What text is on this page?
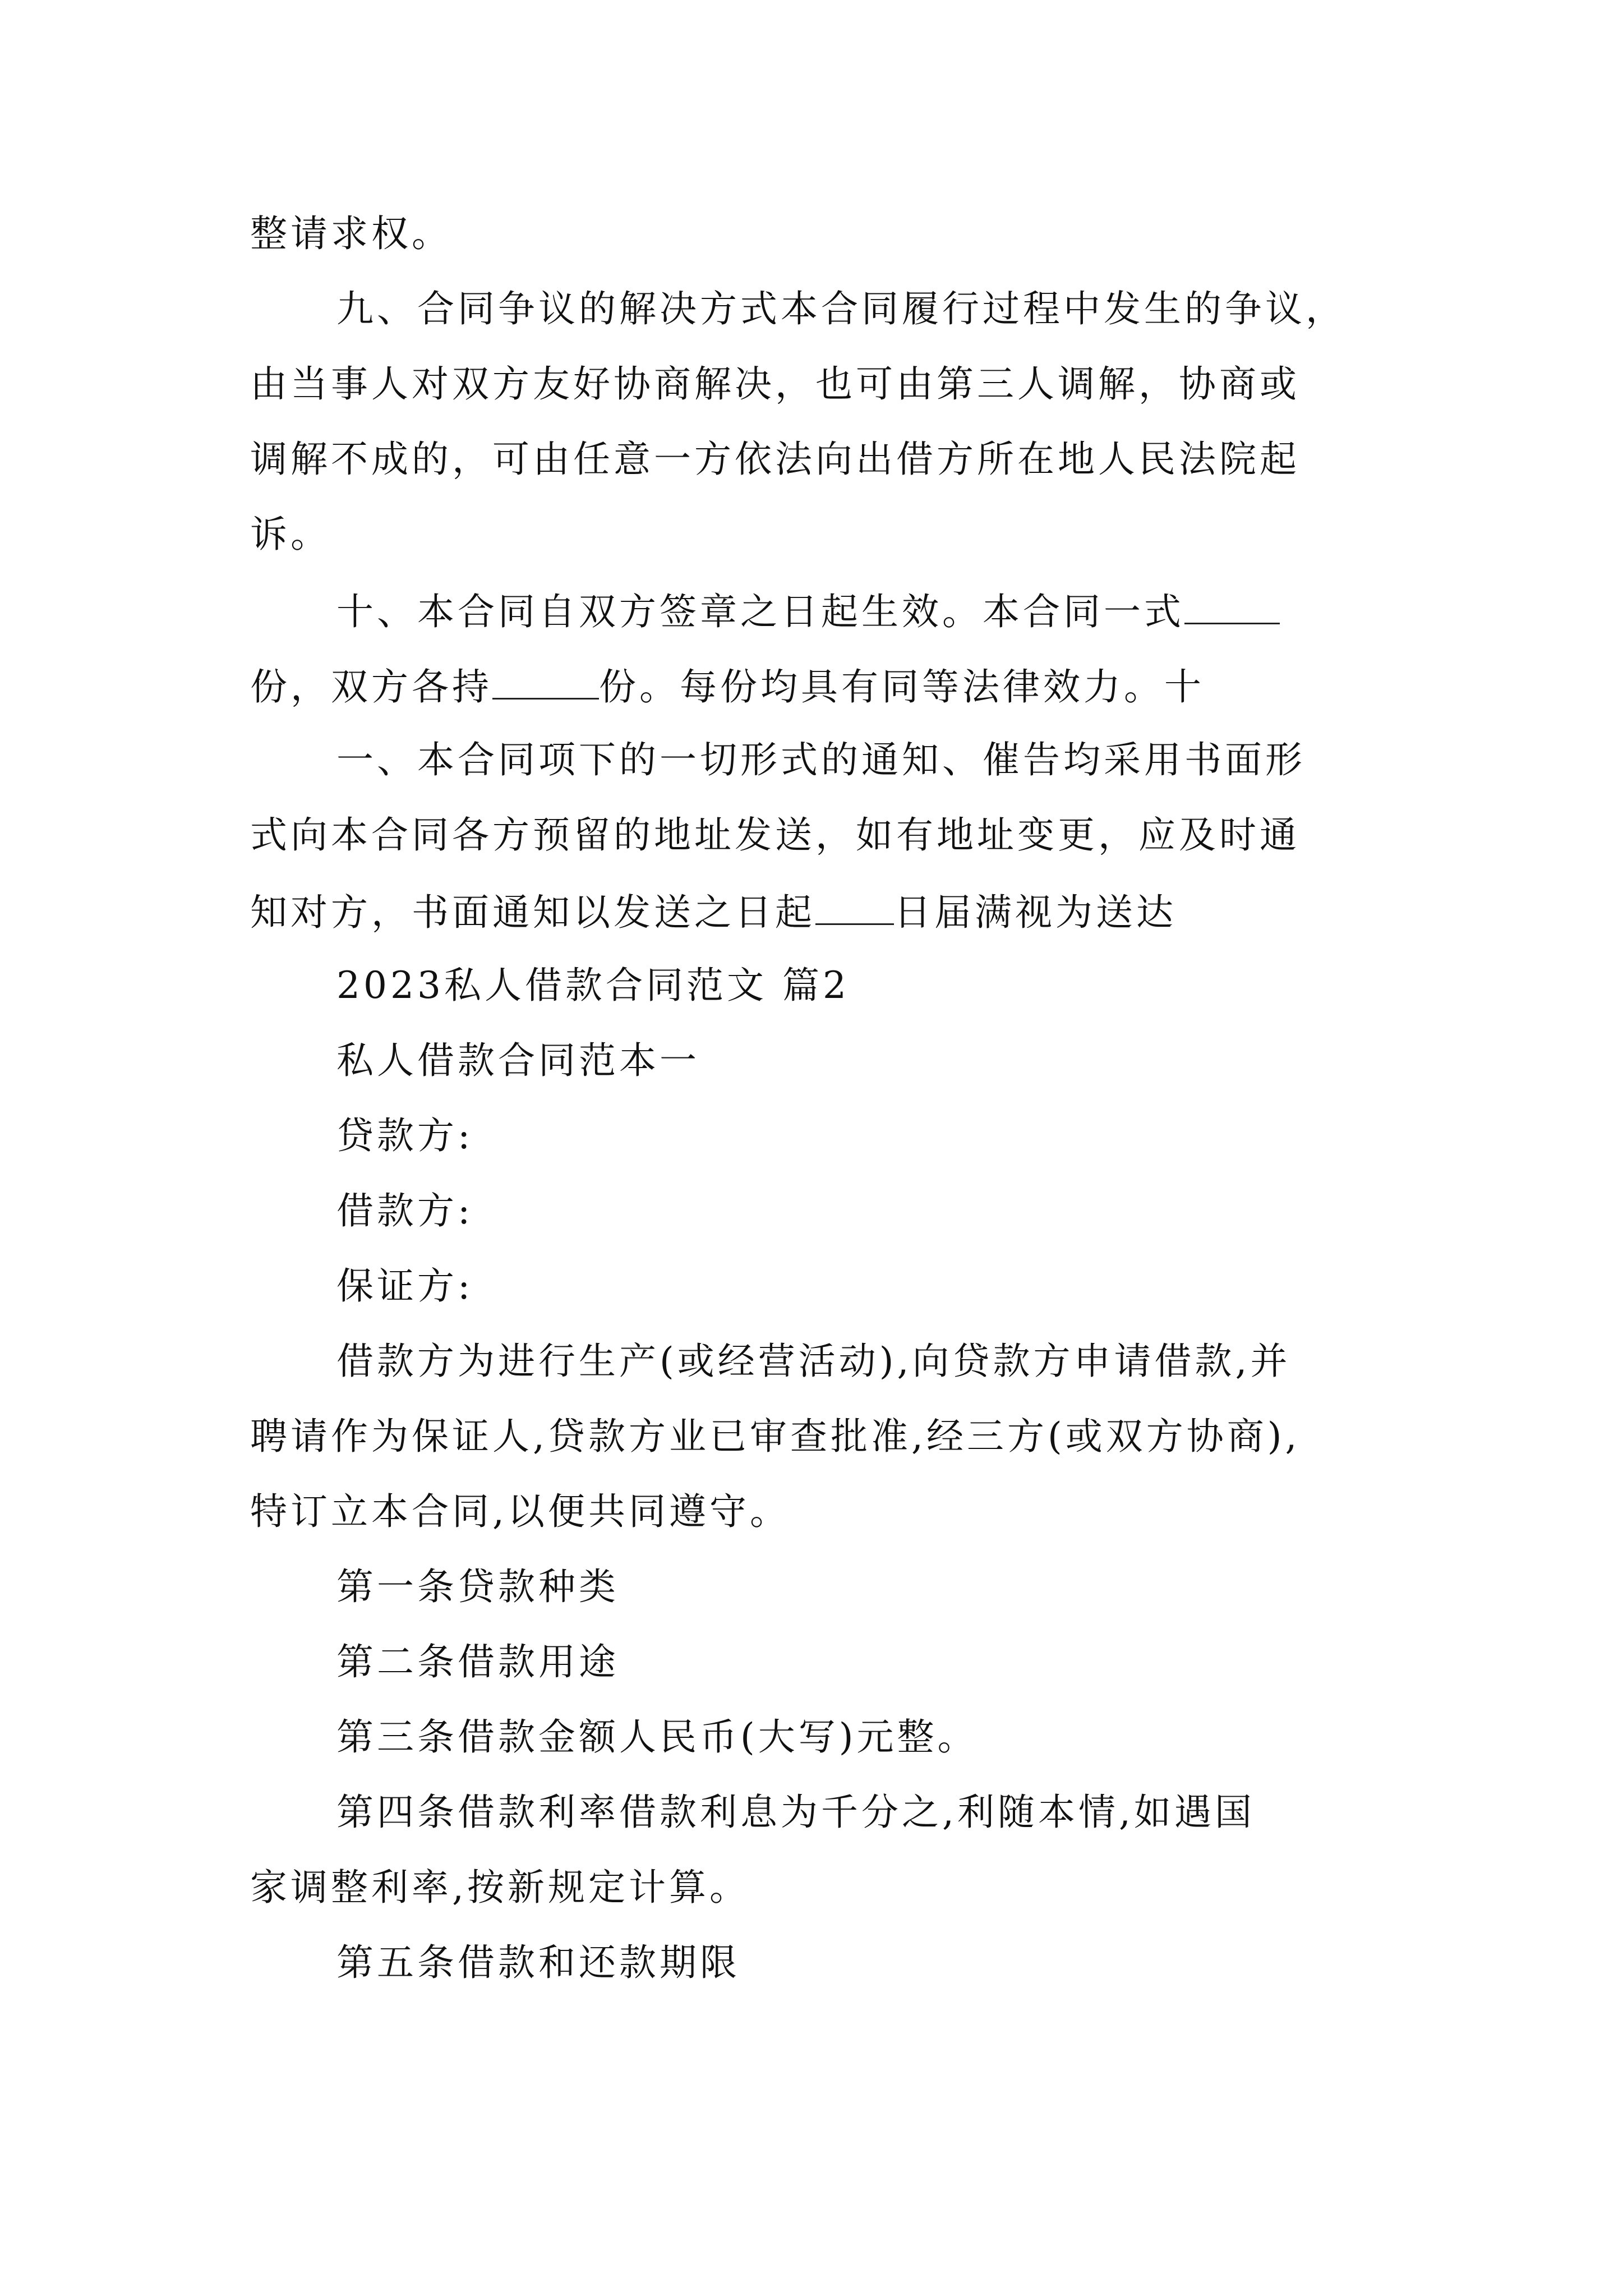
整请求权。
九、合同争议的解决方式本合同履行过程中发生的争议，
由当事人对双方友好协商解决，也可由第三人调解，协商或
调解不成的，可由任意一方依法向出借方所在地人民法院起
诉。
十、本合同自双方签章之日起生效。本合同一式
份，双方各持	份。每份均具有同等法律效力。十
一、本合同项下的一切形式的通知、催告均采用书面形
式向本合同各方预留的地址发送，如有地址变更，应及时通
知对方，书面通知以发送之日起 日届满视为送达
2023私人借款合同范文 篇2
私人借款合同范本一
贷款方:
借款方:
保证方:
借款方为进行生产(或经营活动),向贷款方申请借款,并
聘请作为保证人,贷款方业已审查批准,经三方(或双方协商),
特订立本合同,以便共同遵守。
第一条贷款种类
第二条借款用途
第三条借款金额人民币(大写)元整。
第四条借款利率借款利息为千分之,利随本情,如遇国
家调整利率,按新规定计算。
第五条借款和还款期限
